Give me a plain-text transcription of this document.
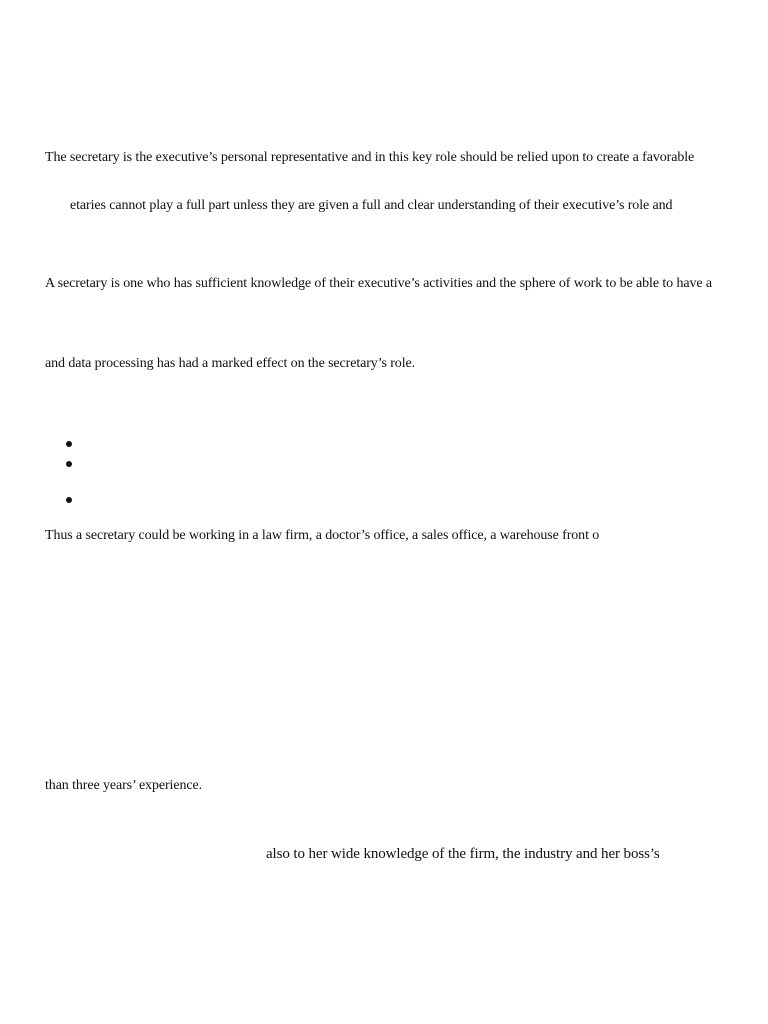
The secretary is the executive’s personal representative and in this key role should be relied upon to create a favorable
etaries cannot play a full part unless they are given a full and clear understanding of their executive’s role and
A secretary is one who has sufficient knowledge of their executive’s activities and the sphere of work to be able to have a
and data processing has had a marked effect on the secretary’s role.
Thus a secretary could be working in a law firm, a doctor’s office, a sales office, a warehouse front o
than three years’ experience.
also to her wide knowledge of the firm, the industry and her boss’s
